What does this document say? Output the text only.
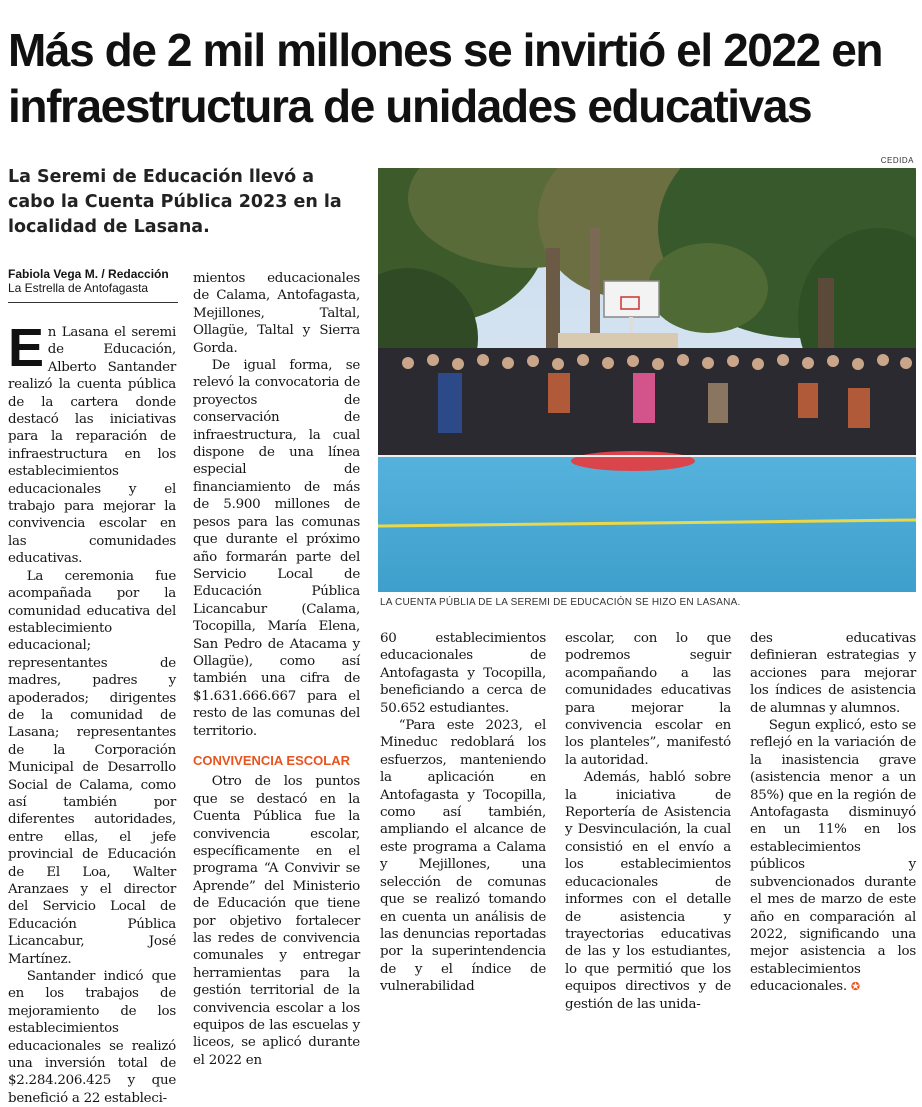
Más de 2 mil millones se invirtió el 2022 en infraestructura de unidades educativas
La Seremi de Educación llevó a cabo la Cuenta Pública 2023 en la localidad de Lasana.
Fabiola Vega M. / Redacción
La Estrella de Antofagasta
CEDIDA
LA CUENTA PÚBLIA DE LA SEREMI DE EDUCACIÓN SE HIZO EN LASANA.

En Lasana el seremi de Educación, Alberto Santander realizó la cuenta pública de la cartera donde destacó las iniciativas para la reparación de infraestructura en los establecimientos educacionales y el trabajo para mejorar la convivencia escolar en las comunidades educativas.

La ceremonia fue acompañada por la comunidad educativa del establecimiento educacional; representantes de madres, padres y apoderados; dirigentes de la comunidad de Lasana; representantes de la Corporación Municipal de Desarrollo Social de Calama, como así también por diferentes autoridades, entre ellas, el jefe provincial de Educación de El Loa, Walter Aranzaes y el director del Servicio Local de Educación Pública Licancabur, José Martínez.

Santander indicó que en los trabajos de mejoramiento de los establecimientos educacionales se realizó una inversión total de $2.284.206.425 y que benefició a 22 estableci-

mientos educacionales de Calama, Antofagasta, Mejillones, Taltal, Ollagüe, Taltal y Sierra Gorda.

De igual forma, se relevó la convocatoria de proyectos de conservación de infraestructura, la cual dispone de una línea especial de financiamiento de más de 5.900 millones de pesos para las comunas que durante el próximo año formarán parte del Servicio Local de Educación Pública Licancabur (Calama, Tocopilla, María Elena, San Pedro de Atacama y Ollagüe), como así también una cifra de $1.631.666.667 para el resto de las comunas del territorio.

CONVIVENCIA ESCOLAR

Otro de los puntos que se destacó en la Cuenta Pública fue la convivencia escolar, específicamente en el programa “A Convivir se Aprende” del Ministerio de Educación que tiene por objetivo fortalecer las redes de convivencia comunales y entregar herramientas para la gestión territorial de la convivencia escolar a los equipos de las escuelas y liceos, se aplicó durante el 2022 en

60 establecimientos educacionales de Antofagasta y Tocopilla, beneficiando a cerca de 50.652 estudiantes.

“Para este 2023, el Mineduc redoblará los esfuerzos, manteniendo la aplicación en Antofagasta y Tocopilla, como así también, ampliando el alcance de este programa a Calama y Mejillones, una selección de comunas que se realizó tomando en cuenta un análisis de las denuncias reportadas por la superintendencia de y el índice de vulnerabilidad

escolar, con lo que podremos seguir acompañando a las comunidades educativas para mejorar la convivencia escolar en los planteles”, manifestó la autoridad.

Además, habló sobre la iniciativa de Reportería de Asistencia y Desvinculación, la cual consistió en el envío a los establecimientos educacionales de informes con el detalle de asistencia y trayectorias educativas de las y los estudiantes, lo que permitió que los equipos directivos y de gestión de las unida-

des educativas definieran estrategias y acciones para mejorar los índices de asistencia de alumnas y alumnos.

Segun explicó, esto se reflejó en la variación de la inasistencia grave (asistencia menor a un 85%) que en la región de Antofagasta disminuyó en un 11% en los establecimientos públicos y subvencionados durante el mes de marzo de este año en comparación al 2022, significando una mejor asistencia a los establecimientos educacionales. ✪
